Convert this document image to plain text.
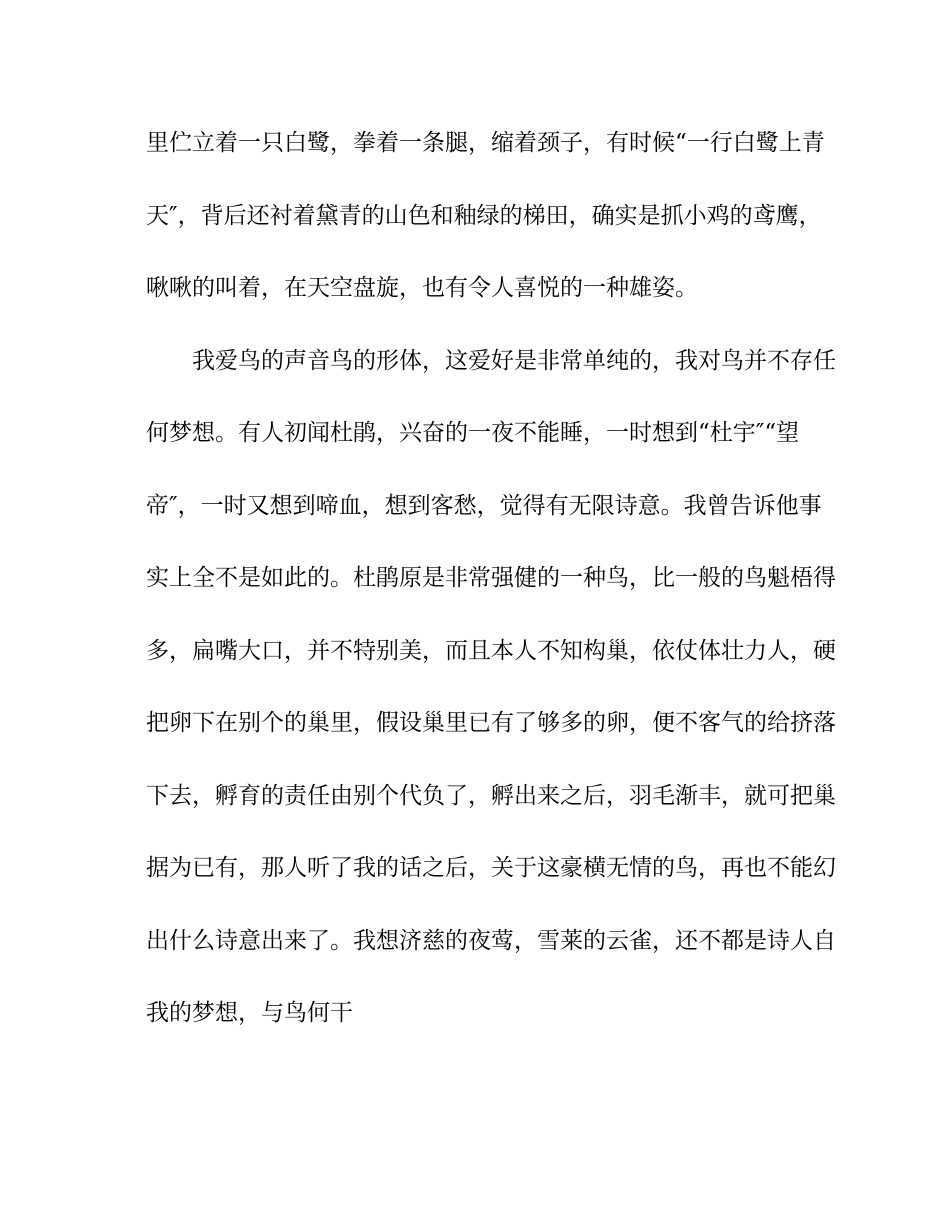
里伫立着一只白鹭，拳着一条腿，缩着颈子，有时候“一行白鹭上青
天″，背后还衬着黛青的山色和釉绿的梯田，确实是抓小鸡的鸢鹰，
啾啾的叫着，在天空盘旋，也有令人喜悦的一种雄姿。
我爱鸟的声音鸟的形体，这爱好是非常单纯的，我对鸟并不存任
何梦想。有人初闻杜鹃，兴奋的一夜不能睡，一时想到“杜宇″“望
帝″，一时又想到啼血，想到客愁，觉得有无限诗意。我曾告诉他事
实上全不是如此的。杜鹃原是非常强健的一种鸟，比一般的鸟魁梧得
多，扁嘴大口，并不特别美，而且本人不知构巢，依仗体壮力人，硬
把卵下在别个的巢里，假设巢里已有了够多的卵，便不客气的给挤落
下去，孵育的责任由别个代负了，孵出来之后，羽毛渐丰，就可把巢
据为已有，那人听了我的话之后，关于这豪横无情的鸟，再也不能幻
出什么诗意出来了。我想济慈的夜莺，雪莱的云雀，还不都是诗人自
我的梦想，与鸟何干
